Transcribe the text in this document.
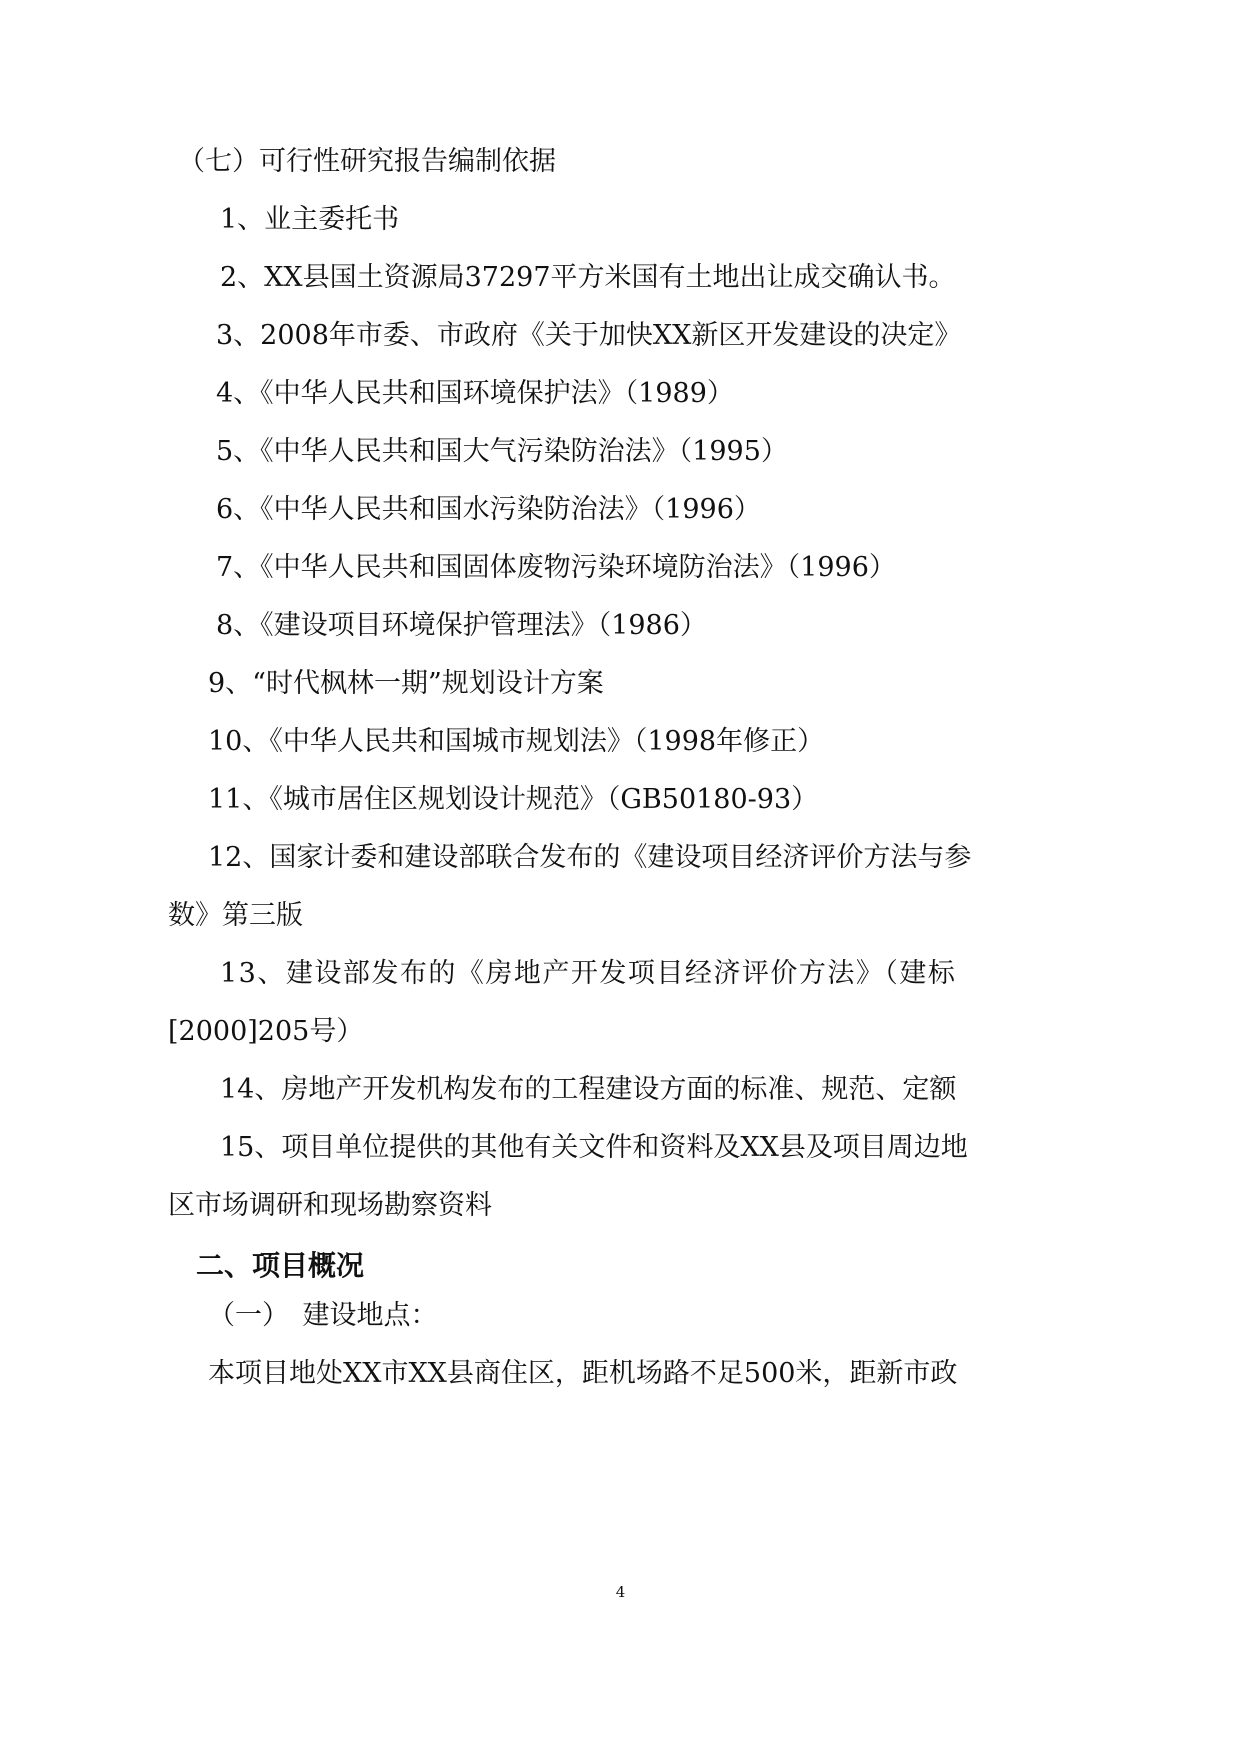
（七）可行性研究报告编制依据
1、业主委托书
2、XX县国土资源局37297平方米国有土地出让成交确认书。
3、2008年市委、市政府《关于加快XX新区开发建设的决定》
4、《中华人民共和国环境保护法》（1989）
5、《中华人民共和国大气污染防治法》（1995）
6、《中华人民共和国水污染防治法》（1996）
7、《中华人民共和国固体废物污染环境防治法》（1996）
8、《建设项目环境保护管理法》（1986）
9、“时代枫林一期”规划设计方案
10、《中华人民共和国城市规划法》（1998年修正）
11、《城市居住区规划设计规范》（GB50180-93）
12、国家计委和建设部联合发布的《建设项目经济评价方法与参
数》第三版
13、建设部发布的《房地产开发项目经济评价方法》（建标
[2000]205号）
14、房地产开发机构发布的工程建设方面的标准、规范、定额
15、项目单位提供的其他有关文件和资料及XX县及项目周边地
区市场调研和现场勘察资料
二、项目概况
（一）　建设地点：
本项目地处XX市XX县商住区，距机场路不足500米，距新市政
4
